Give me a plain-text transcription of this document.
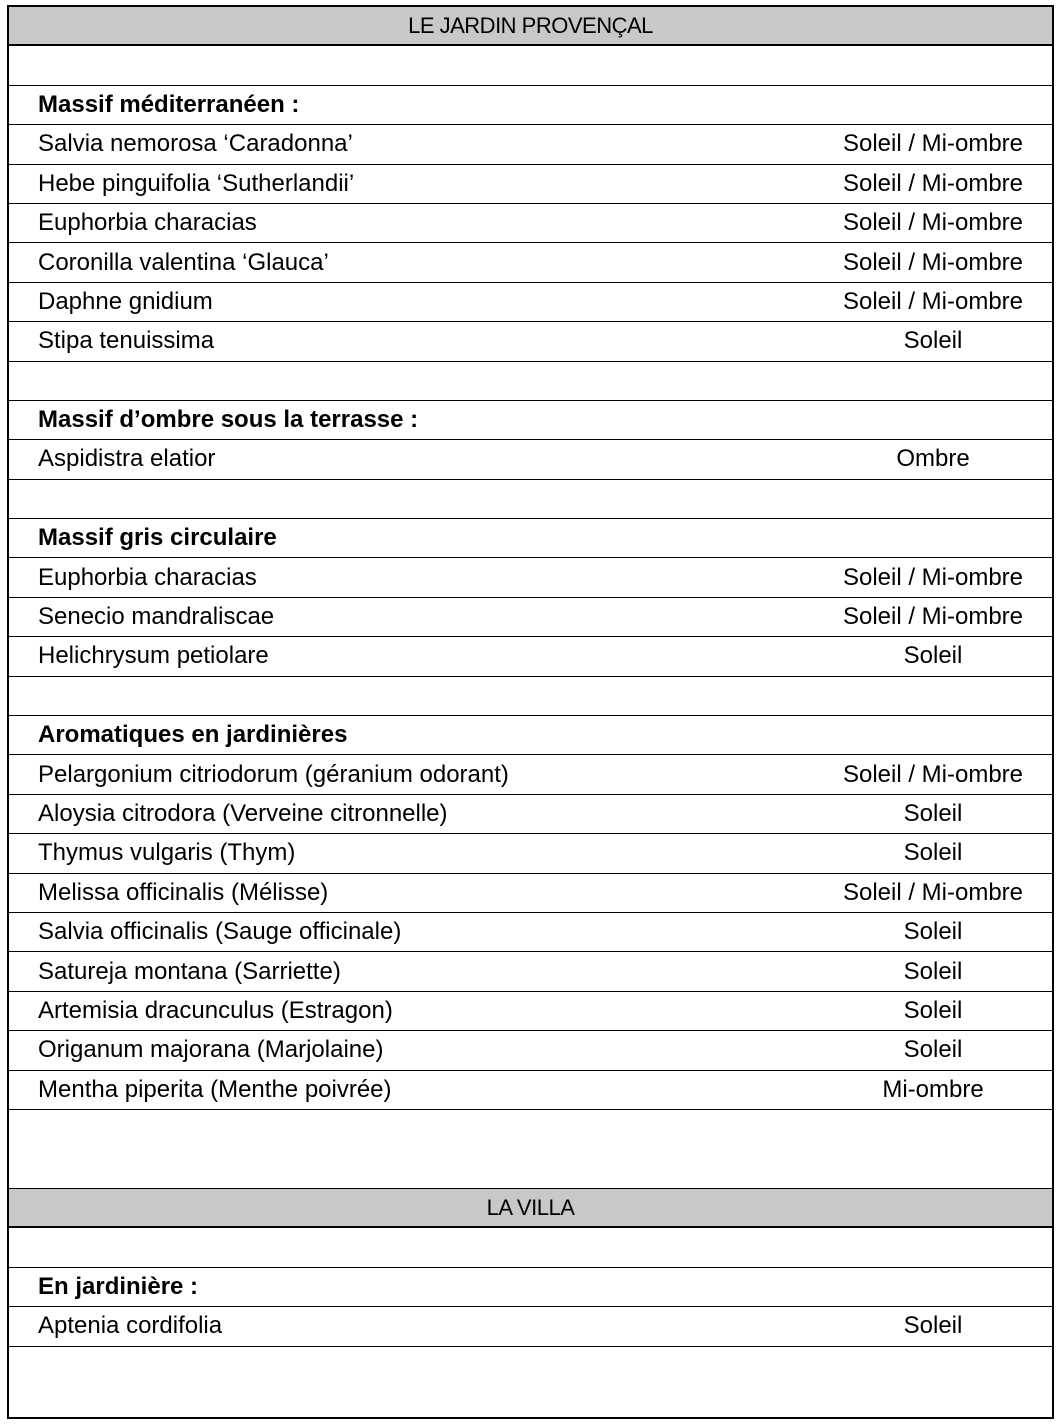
LE JARDIN PROVENÇAL
Massif méditerranéen :
Salvia nemorosa ‘Caradonna’	Soleil / Mi-ombre
Hebe pinguifolia ‘Sutherlandii’	Soleil / Mi-ombre
Euphorbia characias	Soleil / Mi-ombre
Coronilla valentina ‘Glauca’	Soleil / Mi-ombre
Daphne gnidium	Soleil / Mi-ombre
Stipa tenuissima	Soleil
Massif d’ombre sous la terrasse :
Aspidistra elatior	Ombre
Massif gris circulaire
Euphorbia characias	Soleil / Mi-ombre
Senecio mandraliscae	Soleil / Mi-ombre
Helichrysum petiolare	Soleil
Aromatiques en jardinières
Pelargonium citriodorum (géranium odorant)	Soleil / Mi-ombre
Aloysia citrodora (Verveine citronnelle)	Soleil
Thymus vulgaris (Thym)	Soleil
Melissa officinalis (Mélisse)	Soleil / Mi-ombre
Salvia officinalis (Sauge officinale)	Soleil
Satureja montana (Sarriette)	Soleil
Artemisia dracunculus (Estragon)	Soleil
Origanum majorana (Marjolaine)	Soleil
Mentha piperita (Menthe poivrée)	Mi-ombre
LA VILLA
En jardinière :
Aptenia cordifolia	Soleil
